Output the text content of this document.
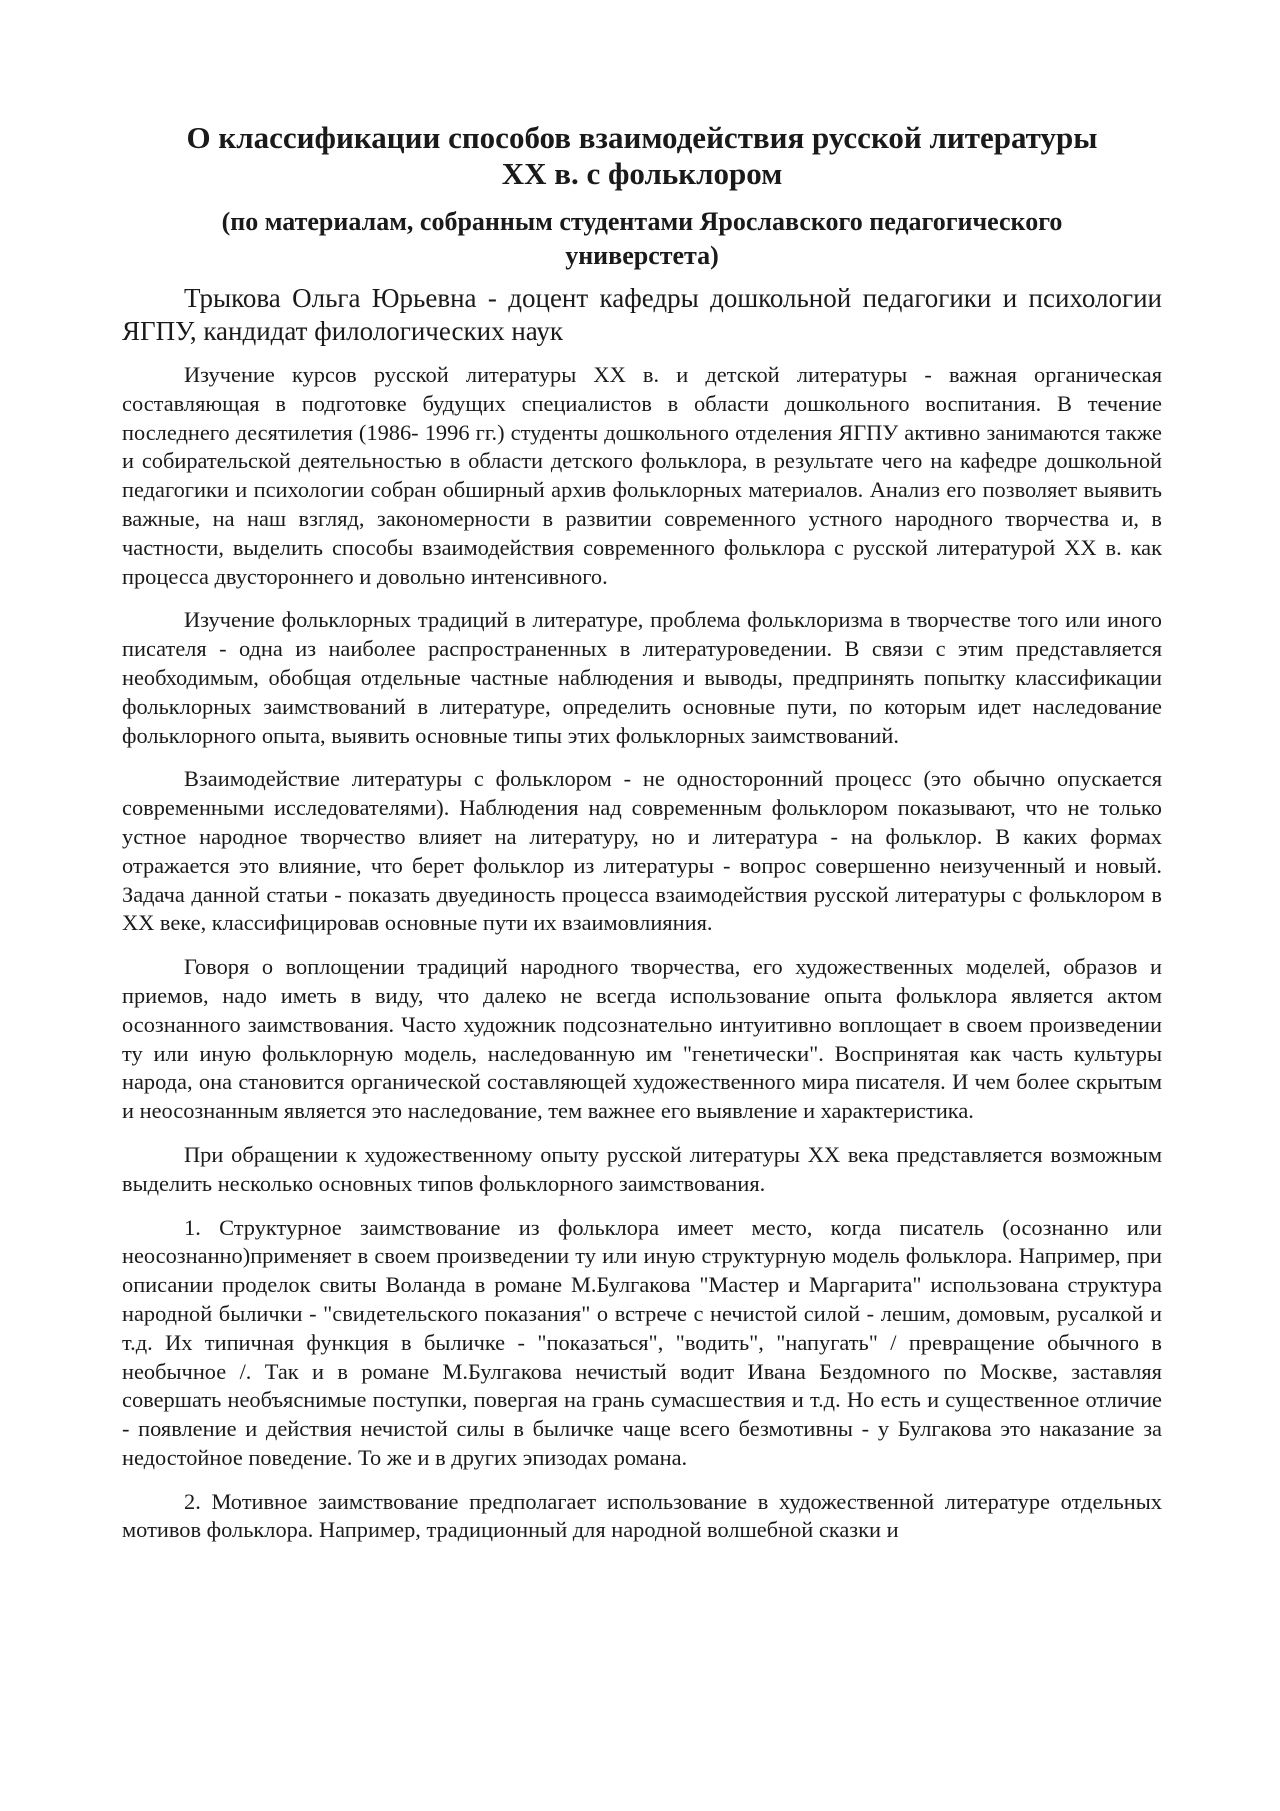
О классификации способов взаимодействия русской литературы
XX в. с фольклором
(по материалам, собранным студентами Ярославского педагогического
универстета)

Трыкова Ольга Юрьевна - доцент кафедры дошкольной педагогики и психологии ЯГПУ, кандидат филологических наук

Изучение курсов русской литературы XX в. и детской литературы - важная органическая составляющая в подготовке будущих специалистов в области дошкольного воспитания. В течение последнего десятилетия (1986- 1996 гг.) студенты дошкольного отделения ЯГПУ активно занимаются также и собирательской деятельностью в области детского фольклора, в результате чего на кафедре дошкольной педагогики и психологии собран обширный архив фольклорных материалов. Анализ его позволяет выявить важные, на наш взгляд, закономерности в развитии современного устного народного творчества и, в частности, выделить способы взаимодействия современного фольклора с русской литературой XX в. как процесса двустороннего и довольно интенсивного.

Изучение фольклорных традиций в литературе, проблема фольклоризма в творчестве того или иного писателя - одна из наиболее распространенных в литературоведении. В связи с этим представляется необходимым, обобщая отдельные частные наблюдения и выводы, предпринять попытку классификации фольклорных заимствований в литературе, определить основные пути, по которым идет наследование фольклорного опыта, выявить основные типы этих фольклорных заимствований.

Взаимодействие литературы с фольклором - не односторонний процесс (это обычно опускается современными исследователями). Наблюдения над современным фольклором показывают, что не только устное народное творчество влияет на литературу, но и литература - на фольклор. В каких формах отражается это влияние, что берет фольклор из литературы - вопрос совершенно неизученный и новый. Задача данной статьи - показать двуединость процесса взаимодействия русской литературы с фольклором в XX веке, классифицировав основные пути их взаимовлияния.

Говоря о воплощении традиций народного творчества, его художественных моделей, образов и приемов, надо иметь в виду, что далеко не всегда использование опыта фольклора является актом осознанного заимствования. Часто художник подсознательно интуитивно воплощает в своем произведении ту или иную фольклорную модель, наследованную им "генетически". Воспринятая как часть культуры народа, она становится органической составляющей художественного мира писателя. И чем более скрытым и неосознанным является это наследование, тем важнее его выявление и характеристика.

При обращении к художественному опыту русской литературы XX века представляется возможным выделить несколько основных типов фольклорного заимствования.

1. Структурное заимствование из фольклора имеет место, когда писатель (осознанно или неосознанно)применяет в своем произведении ту или иную структурную модель фольклора. Например, при описании проделок свиты Воланда в романе М.Булгакова "Мастер и Маргарита" использована структура народной былички - "свидетельского показания" о встрече с нечистой силой - лешим, домовым, русалкой и т.д. Их типичная функция в быличке - "показаться", "водить", "напугать" / превращение обычного в необычное /. Так и в романе М.Булгакова нечистый водит Ивана Бездомного по Москве, заставляя совершать необъяснимые поступки, повергая на грань сумасшествия и т.д. Но есть и существенное отличие - появление и действия нечистой силы в быличке чаще всего безмотивны - у Булгакова это наказание за недостойное поведение. То же и в других эпизодах романа.

2. Мотивное заимствование предполагает использование в художественной литературе отдельных мотивов фольклора. Например, традиционный для народной волшебной сказки и
